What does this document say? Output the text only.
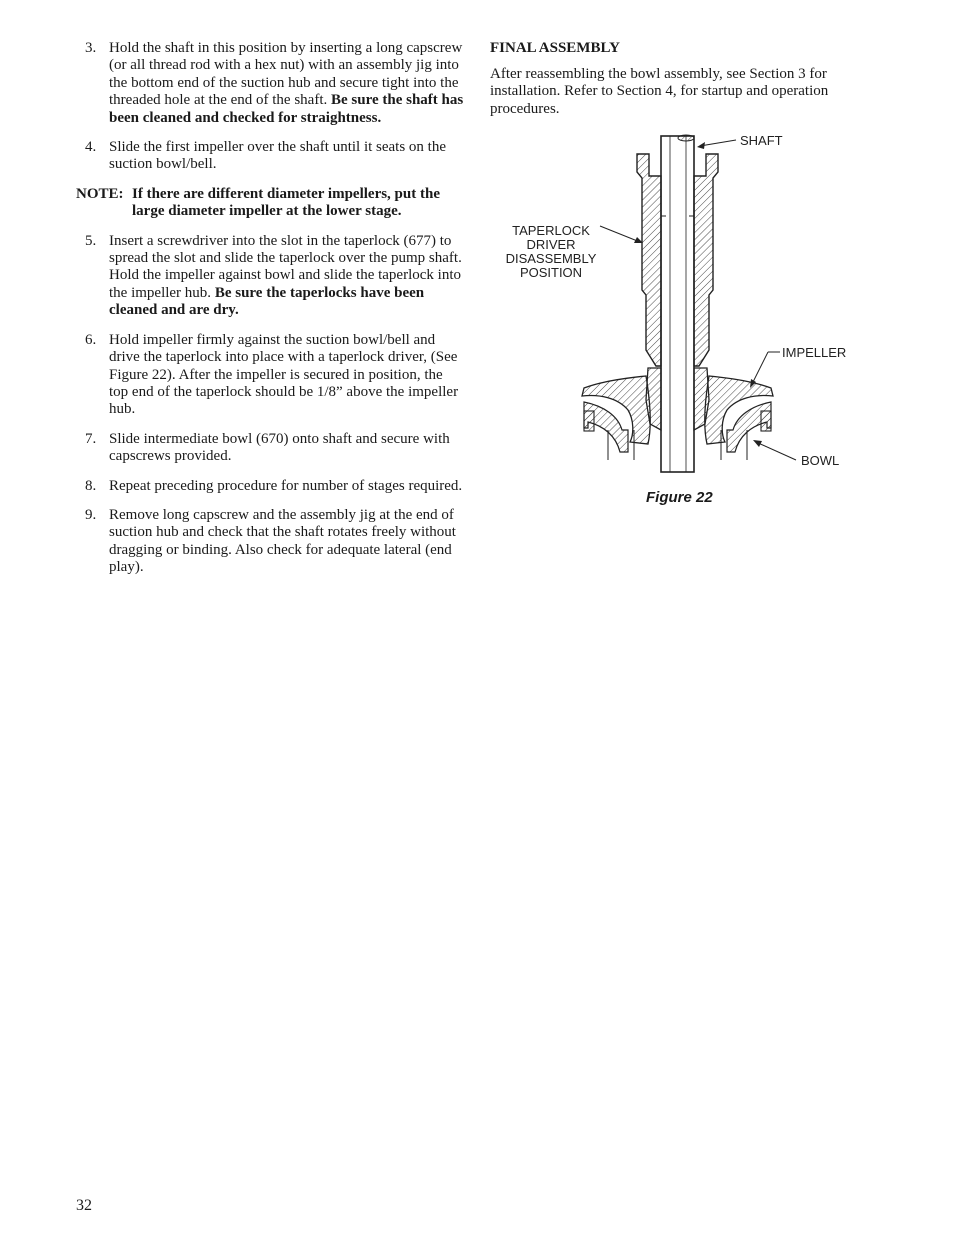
3. Hold the shaft in this position by inserting a long capscrew (or all thread rod with a hex nut) with an assembly jig into the bottom end of the suction hub and secure tight into the threaded hole at the end of the shaft. Be sure the shaft has been cleaned and checked for straightness.
4. Slide the first impeller over the shaft until it seats on the suction bowl/bell.
NOTE: If there are different diameter impellers, put the large diameter impeller at the lower stage.
5. Insert a screwdriver into the slot in the taperlock (677) to spread the slot and slide the taperlock over the pump shaft. Hold the impeller against bowl and slide the taperlock into the impeller hub. Be sure the taperlocks have been cleaned and are dry.
6. Hold impeller firmly against the suction bowl/bell and drive the taperlock into place with a taperlock driver, (See Figure 22). After the impeller is secured in position, the top end of the taperlock should be 1/8” above the impeller hub.
7. Slide intermediate bowl (670) onto shaft and secure with capscrews provided.
8. Repeat preceding procedure for number of stages required.
9. Remove long capscrew and the assembly jig at the end of suction hub and check that the shaft rotates freely without dragging or binding. Also check for adequate lateral (end play).
FINAL ASSEMBLY

After reassembling the bowl assembly, see Section 3 for installation. Refer to Section 4, for startup and operation procedures.

SHAFT
TAPERLOCK
DRIVER
DISASSEMBLY
POSITION
IMPELLER
BOWL
Figure 22
32
